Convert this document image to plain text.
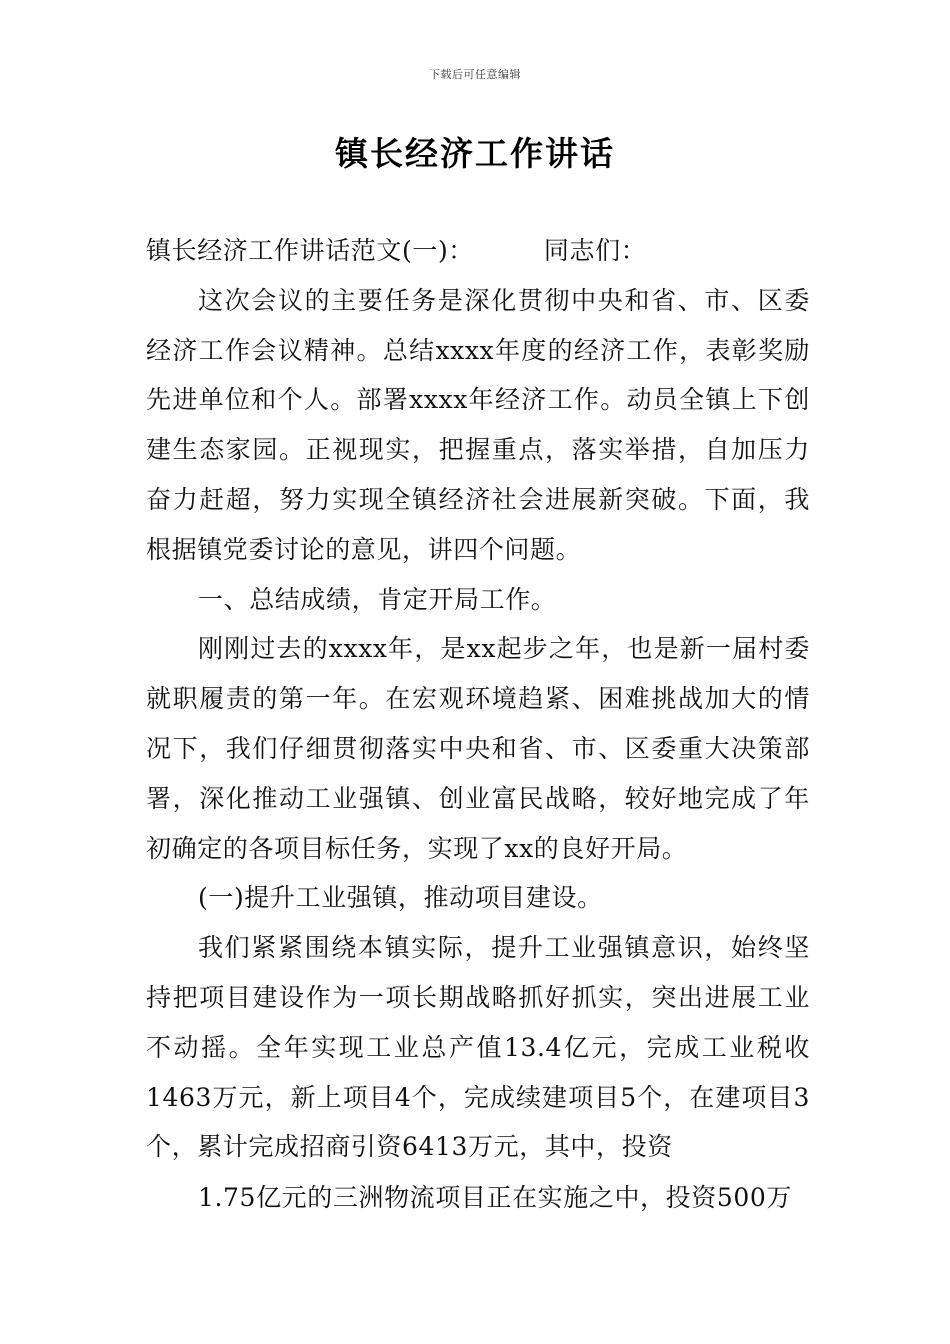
下载后可任意编辑
镇长经济工作讲话

镇长经济工作讲话范文(一)：	同志们：

这次会议的主要任务是深化贯彻中央和省、市、区委经济工作会议精神。总结xxxx年度的经济工作，表彰奖励先进单位和个人。部署xxxx年经济工作。动员全镇上下创建生态家园。正视现实，把握重点，落实举措，自加压力奋力赶超，努力实现全镇经济社会进展新突破。下面，我根据镇党委讨论的意见，讲四个问题。

一、总结成绩，肯定开局工作。

刚刚过去的xxxx年，是xx起步之年，也是新一届村委就职履责的第一年。在宏观环境趋紧、困难挑战加大的情况下，我们仔细贯彻落实中央和省、市、区委重大决策部署，深化推动工业强镇、创业富民战略，较好地完成了年初确定的各项目标任务，实现了xx的良好开局。

(一)提升工业强镇，推动项目建设。

我们紧紧围绕本镇实际，提升工业强镇意识，始终坚持把项目建设作为一项长期战略抓好抓实，突出进展工业不动摇。全年实现工业总产值13.4亿元，完成工业税收1463万元，新上项目4个，完成续建项目5个，在建项目3个，累计完成招商引资6413万元，其中，投资

1.75亿元的三洲物流项目正在实施之中，投资500万
